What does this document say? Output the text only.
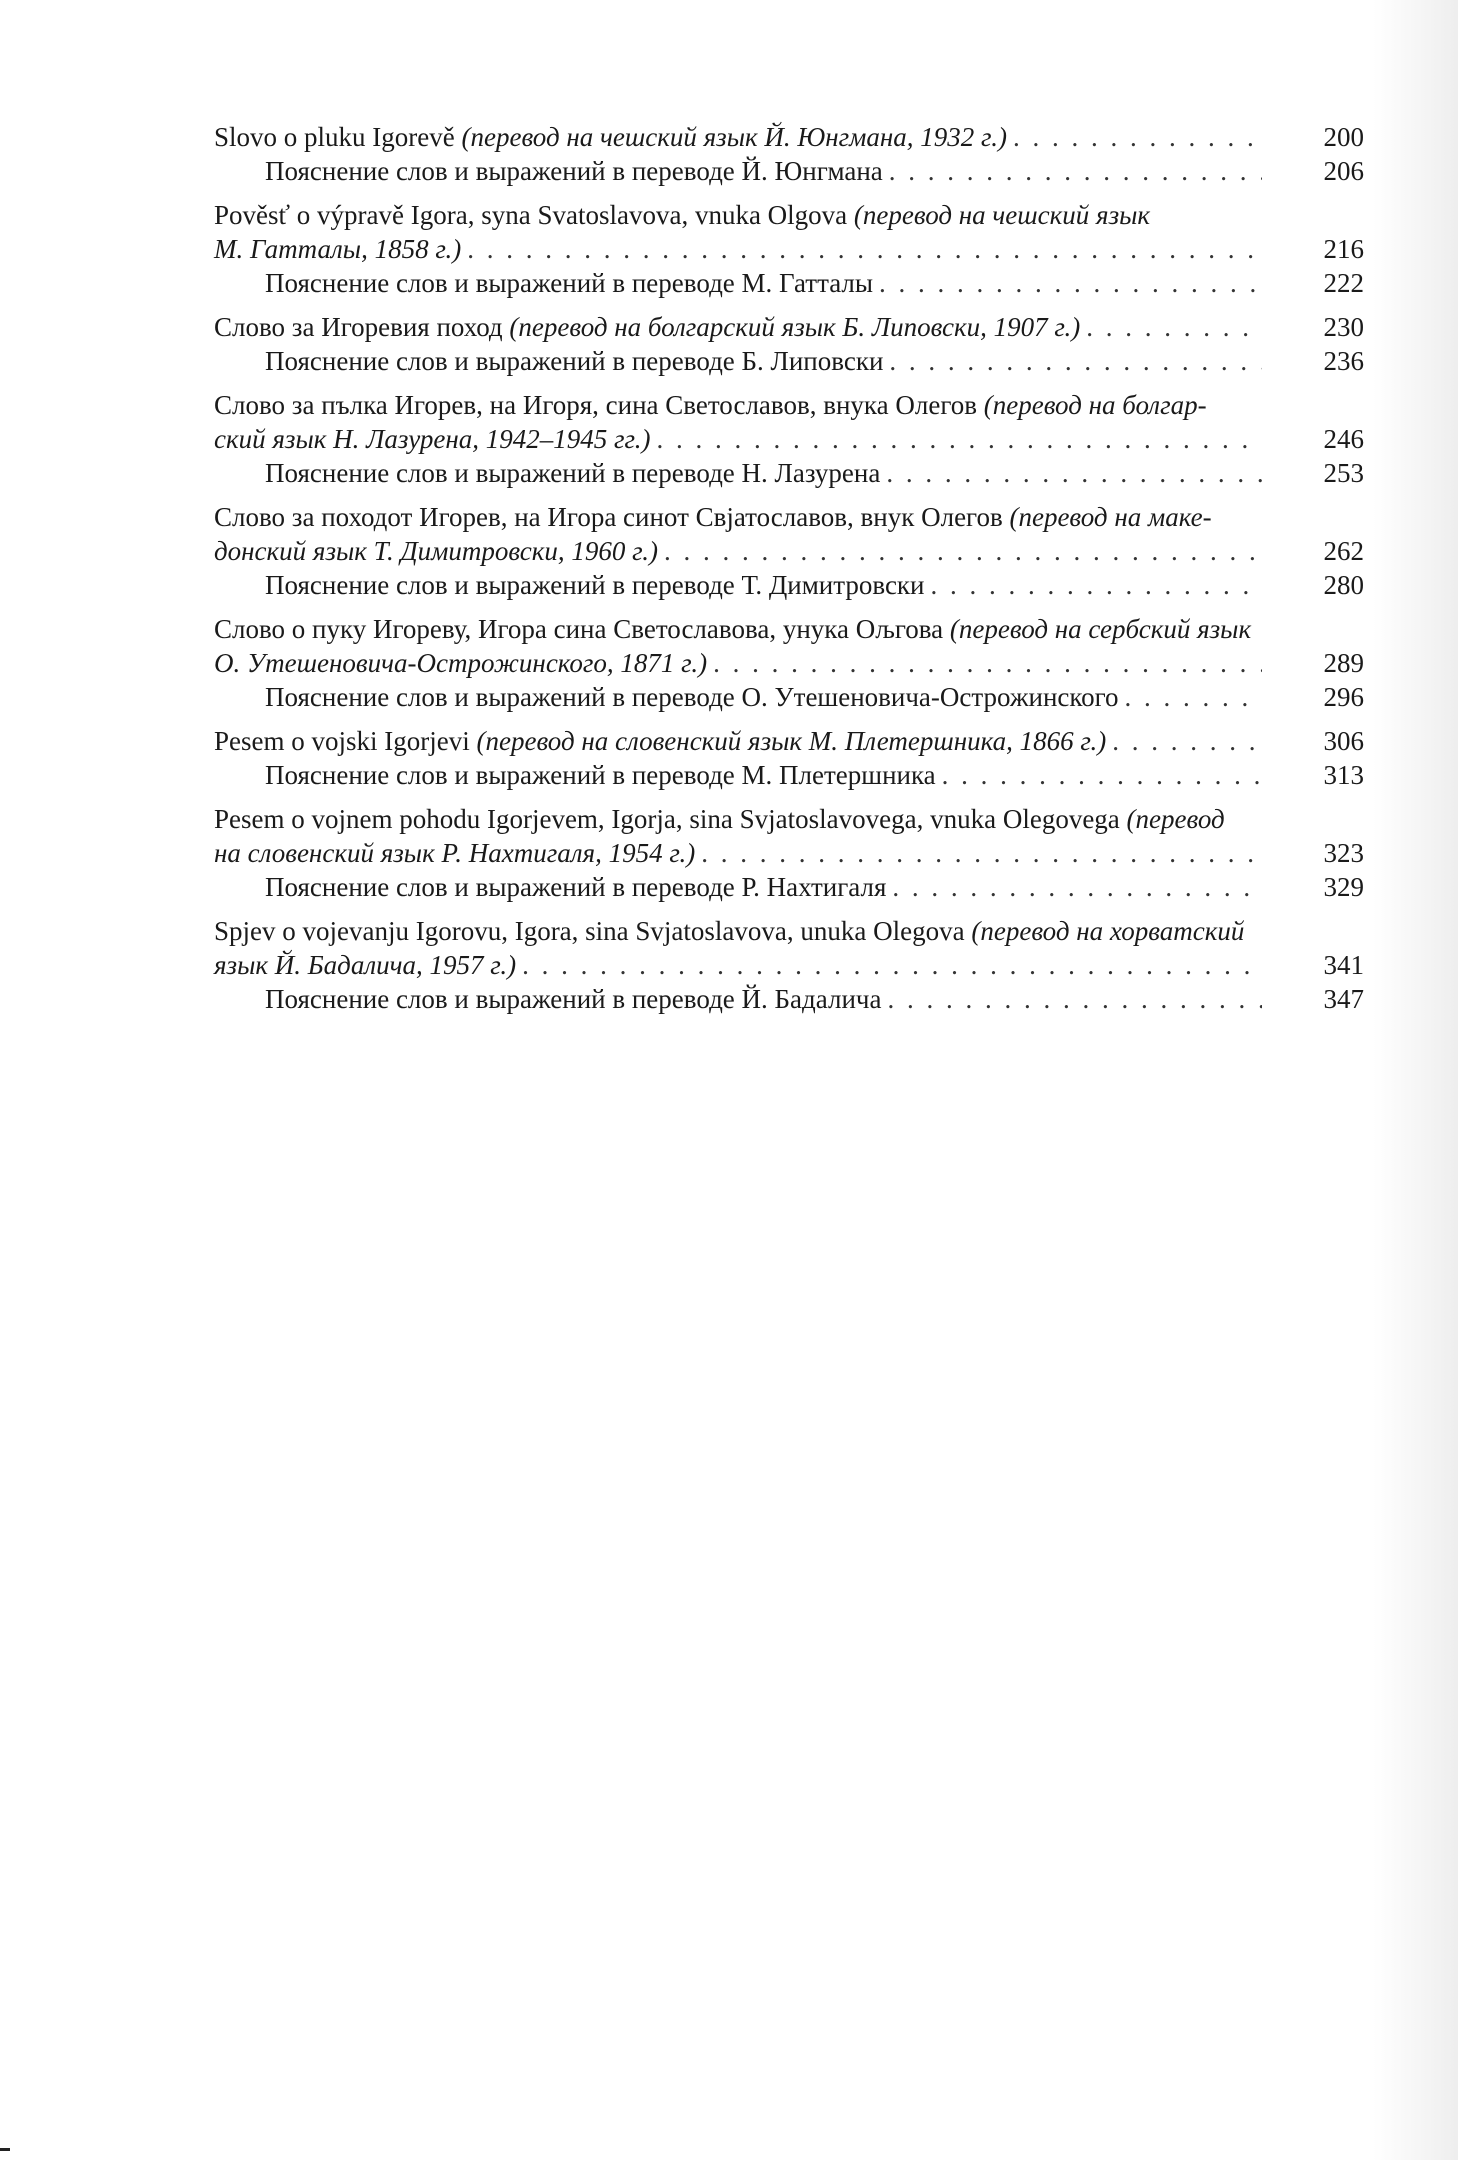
Slovo o pluku Igorevě (перевод на чешский язык Й. Юнгмана, 1932 г.) . . .	200
Пояснение слов и выражений в переводе Й. Юнгмана . . .	206
Pověsť o výpravě Igora, syna Svatoslavova, vnuka Olgova (перевод на чешский язык
M. Гатталы, 1858 г.) . . .	216
Пояснение слов и выражений в переводе М. Гатталы . . .	222
Слово за Игоревия поход (перевод на болгарский язык Б. Липовски, 1907 г.) . . .	230
Пояснение слов и выражений в переводе Б. Липовски . . .	236
Слово за пълка Игорев, на Игоря, сина Светославов, внука Олегов (перевод на болгар-
ский язык Н. Лазурена, 1942–1945 гг.) . . .	246
Пояснение слов и выражений в переводе Н. Лазурена . . .	253
Слово за походот Игорев, на Игора синот Свјатославов, внук Олегов (перевод на маке-
донский язык Т. Димитровски, 1960 г.) . . .	262
Пояснение слов и выражений в переводе Т. Димитровски . . .	280
Слово о пуку Игореву, Игора сина Светославова, унука Ољгова (перевод на сербский язык
О. Утешеновича-Острожинского, 1871 г.) . . .	289
Пояснение слов и выражений в переводе О. Утешеновича-Острожинского . . .	296
Pesem o vojski Igorjevi (перевод на словенский язык М. Плетершника, 1866 г.) . . .	306
Пояснение слов и выражений в переводе М. Плетершника . . .	313
Pesem o vojnem pohodu Igorjevem, Igorja, sina Svjatoslavovega, vnuka Olegovega (перевод
на словенский язык Р. Нахтигаля, 1954 г.) . . .	323
Пояснение слов и выражений в переводе Р. Нахтигаля . . .	329
Spjev o vojevanju Igorovu, Igora, sina Svjatoslavova, unuka Olegova (перевод на хорватский
язык Й. Бадалича, 1957 г.) . . .	341
Пояснение слов и выражений в переводе Й. Бадалича . . .	347
